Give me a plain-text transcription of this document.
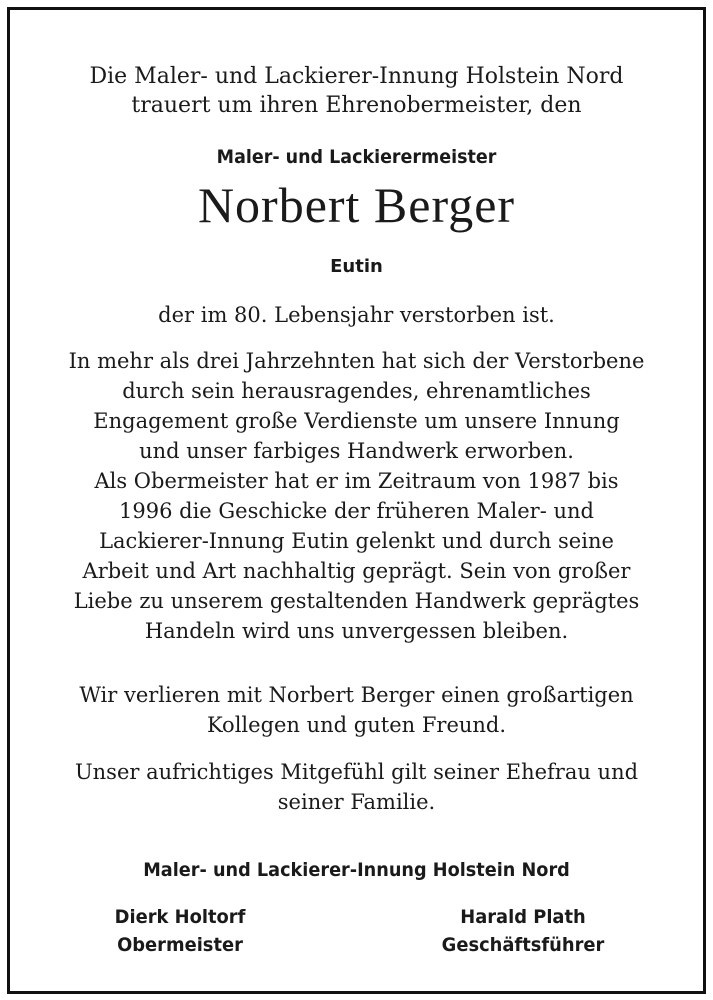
Die Maler- und Lackierer-Innung Holstein Nord
trauert um ihren Ehrenobermeister, den
Maler- und Lackierermeister
Norbert Berger
Eutin
der im 80. Lebensjahr verstorben ist.
In mehr als drei Jahrzehnten hat sich der Verstorbene
durch sein herausragendes, ehrenamtliches
Engagement große Verdienste um unsere Innung
und unser farbiges Handwerk erworben.
Als Obermeister hat er im Zeitraum von 1987 bis
1996 die Geschicke der früheren Maler- und
Lackierer-Innung Eutin gelenkt und durch seine
Arbeit und Art nachhaltig geprägt. Sein von großer
Liebe zu unserem gestaltenden Handwerk geprägtes
Handeln wird uns unvergessen bleiben.
Wir verlieren mit Norbert Berger einen großartigen
Kollegen und guten Freund.
Unser aufrichtiges Mitgefühl gilt seiner Ehefrau und
seiner Familie.
Maler- und Lackierer-Innung Holstein Nord
Dierk Holtorf
Obermeister
Harald Plath
Geschäftsführer
